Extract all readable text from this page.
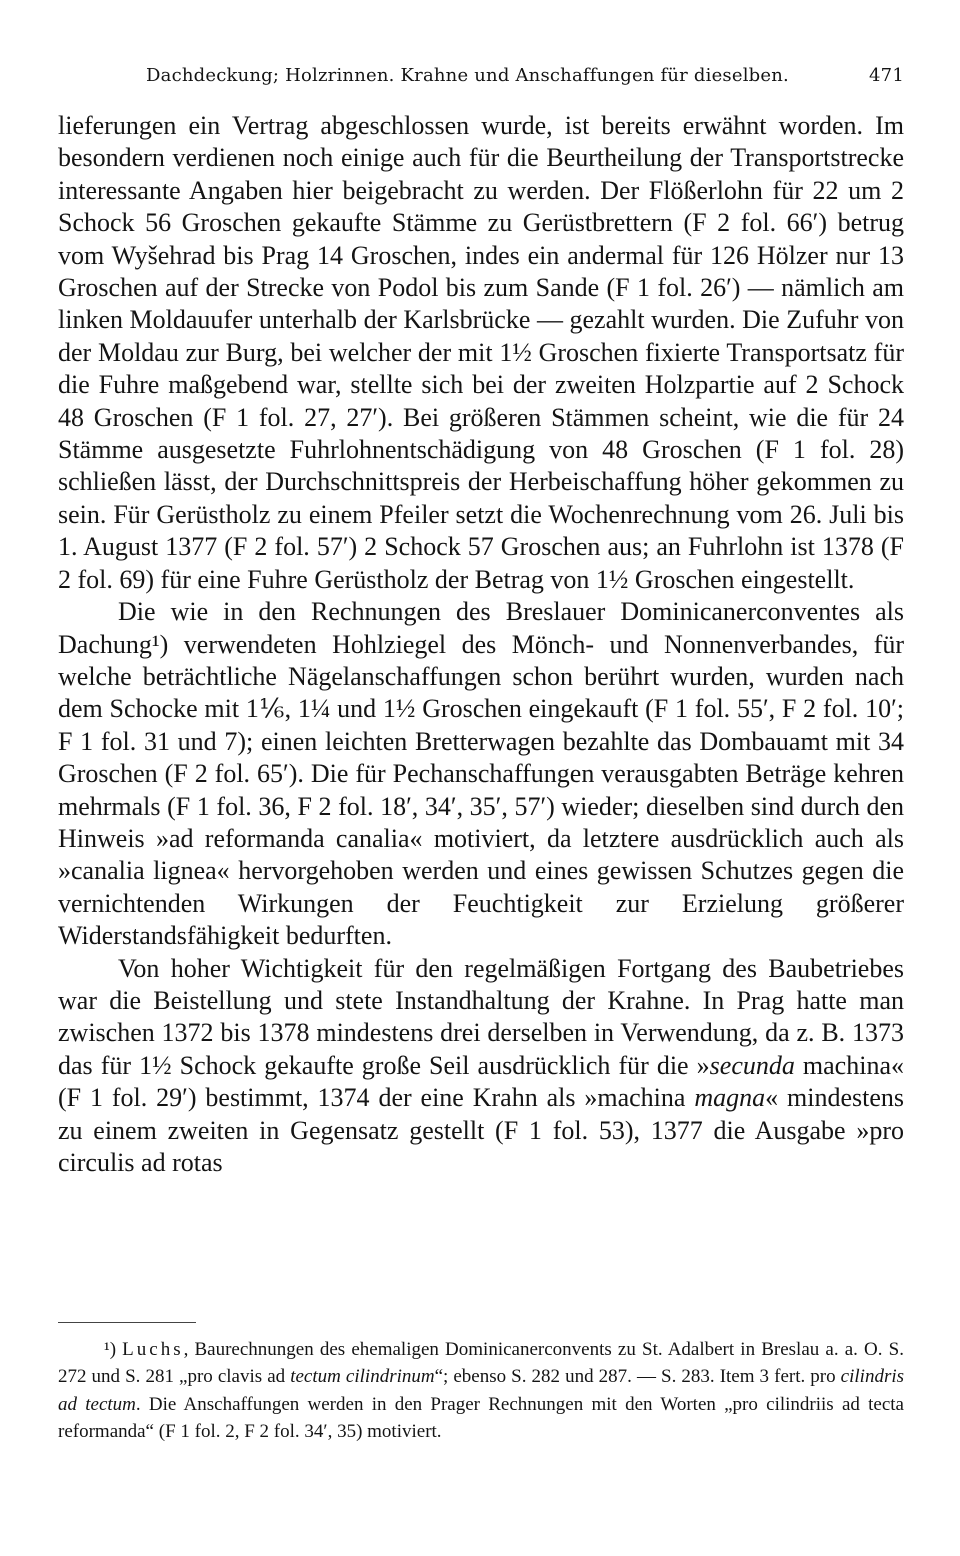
Dachdeckung; Holzrinnen. Krahne und Anschaffungen für dieselben.	471

lieferungen ein Vertrag abgeschlossen wurde, ist bereits erwähnt worden. Im besondern verdienen noch einige auch für die Beurtheilung der Transportstrecke interessante Angaben hier beigebracht zu werden. Der Flößerlohn für 22 um 2 Schock 56 Groschen gekaufte Stämme zu Gerüstbrettern (F 2 fol. 66′) betrug vom Wyšehrad bis Prag 14 Groschen, indes ein andermal für 126 Hölzer nur 13 Groschen auf der Strecke von Podol bis zum Sande (F 1 fol. 26′) — nämlich am linken Moldauufer unterhalb der Karlsbrücke — gezahlt wurden. Die Zufuhr von der Moldau zur Burg, bei welcher der mit 1½ Groschen fixierte Transportsatz für die Fuhre maßgebend war, stellte sich bei der zweiten Holzpartie auf 2 Schock 48 Groschen (F 1 fol. 27, 27′). Bei größeren Stämmen scheint, wie die für 24 Stämme ausgesetzte Fuhrlohnentschädigung von 48 Groschen (F 1 fol. 28) schließen lässt, der Durchschnittspreis der Herbeischaffung höher gekommen zu sein. Für Gerüstholz zu einem Pfeiler setzt die Wochenrechnung vom 26. Juli bis 1. August 1377 (F 2 fol. 57′) 2 Schock 57 Groschen aus; an Fuhrlohn ist 1378 (F 2 fol. 69) für eine Fuhre Gerüstholz der Betrag von 1½ Groschen eingestellt.

Die wie in den Rechnungen des Breslauer Dominicanerconventes als Dachung¹) verwendeten Hohlziegel des Mönch- und Nonnenverbandes, für welche beträchtliche Nägelanschaffungen schon berührt wurden, wurden nach dem Schocke mit 1⅙, 1¼ und 1½ Groschen eingekauft (F 1 fol. 55′, F 2 fol. 10′; F 1 fol. 31 und 7); einen leichten Bretterwagen bezahlte das Dombauamt mit 34 Groschen (F 2 fol. 65′). Die für Pechanschaffungen verausgabten Beträge kehren mehrmals (F 1 fol. 36, F 2 fol. 18′, 34′, 35′, 57′) wieder; dieselben sind durch den Hinweis »ad reformanda canalia« motiviert, da letztere ausdrücklich auch als »canalia lignea« hervorgehoben werden und eines gewissen Schutzes gegen die vernichtenden Wirkungen der Feuchtigkeit zur Erzielung größerer Widerstandsfähigkeit bedurften.

Von hoher Wichtigkeit für den regelmäßigen Fortgang des Baubetriebes war die Beistellung und stete Instandhaltung der Krahne. In Prag hatte man zwischen 1372 bis 1378 mindestens drei derselben in Verwendung, da z. B. 1373 das für 1½ Schock gekaufte große Seil ausdrücklich für die »secunda machina« (F 1 fol. 29′) bestimmt, 1374 der eine Krahn als »machina magna« mindestens zu einem zweiten in Gegensatz gestellt (F 1 fol. 53), 1377 die Ausgabe »pro circulis ad rotas

¹) Luchs, Baurechnungen des ehemaligen Dominicanerconvents zu St. Adalbert in Breslau a. a. O. S. 272 und S. 281 „pro clavis ad tectum cilindrinum“; ebenso S. 282 und 287. — S. 283. Item 3 fert. pro cilindris ad tectum. Die Anschaffungen werden in den Prager Rechnungen mit den Worten „pro cilindriis ad tecta reformanda“ (F 1 fol. 2, F 2 fol. 34′, 35) motiviert.
